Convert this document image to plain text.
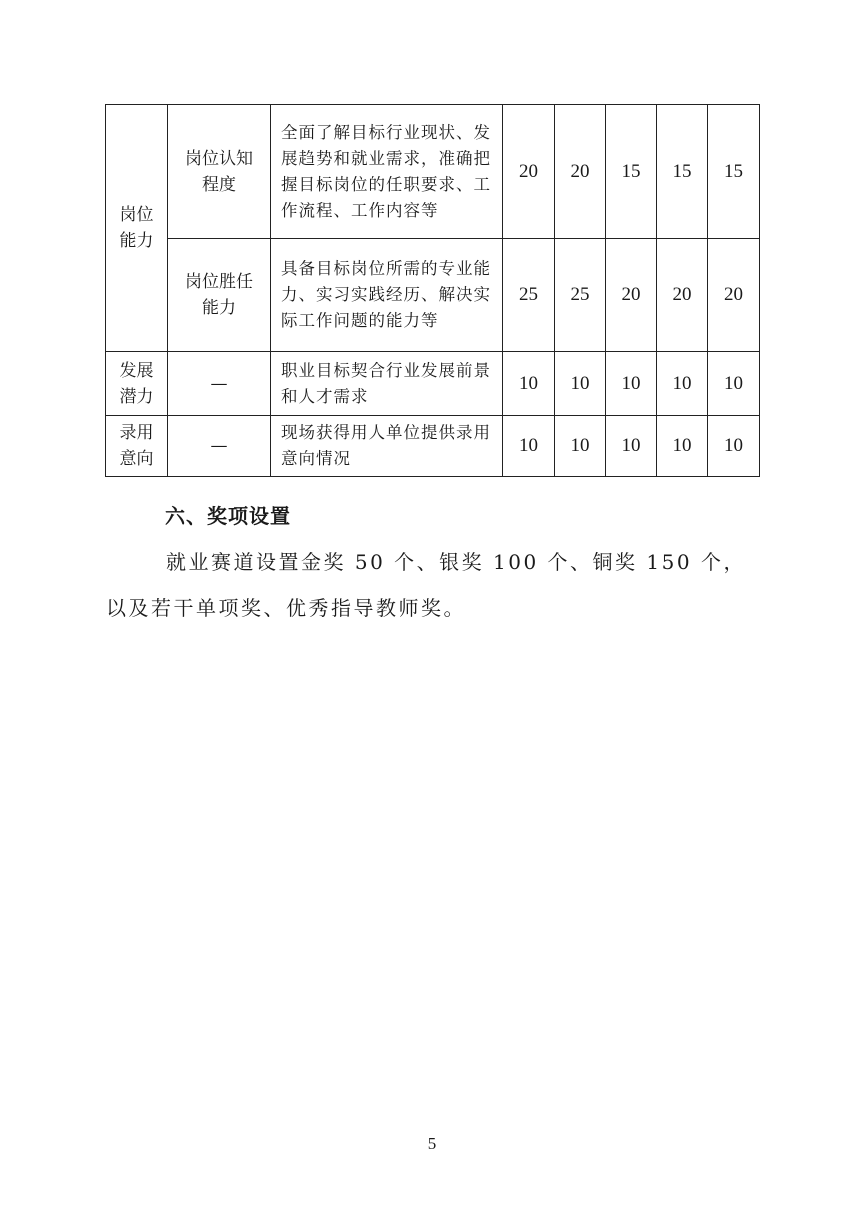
岗位能力	岗位认知程度	全面了解目标行业现状、发展趋势和就业需求，准确把握目标岗位的任职要求、工作流程、工作内容等	20	20	15	15	15
	岗位胜任能力	具备目标岗位所需的专业能力、实习实践经历、解决实际工作问题的能力等	25	25	20	20	20
发展潜力	—	职业目标契合行业发展前景和人才需求	10	10	10	10	10
录用意向	—	现场获得用人单位提供录用意向情况	10	10	10	10	10
六、奖项设置

就业赛道设置金奖 50 个、银奖 100 个、铜奖 150 个，

以及若干单项奖、优秀指导教师奖。

5
